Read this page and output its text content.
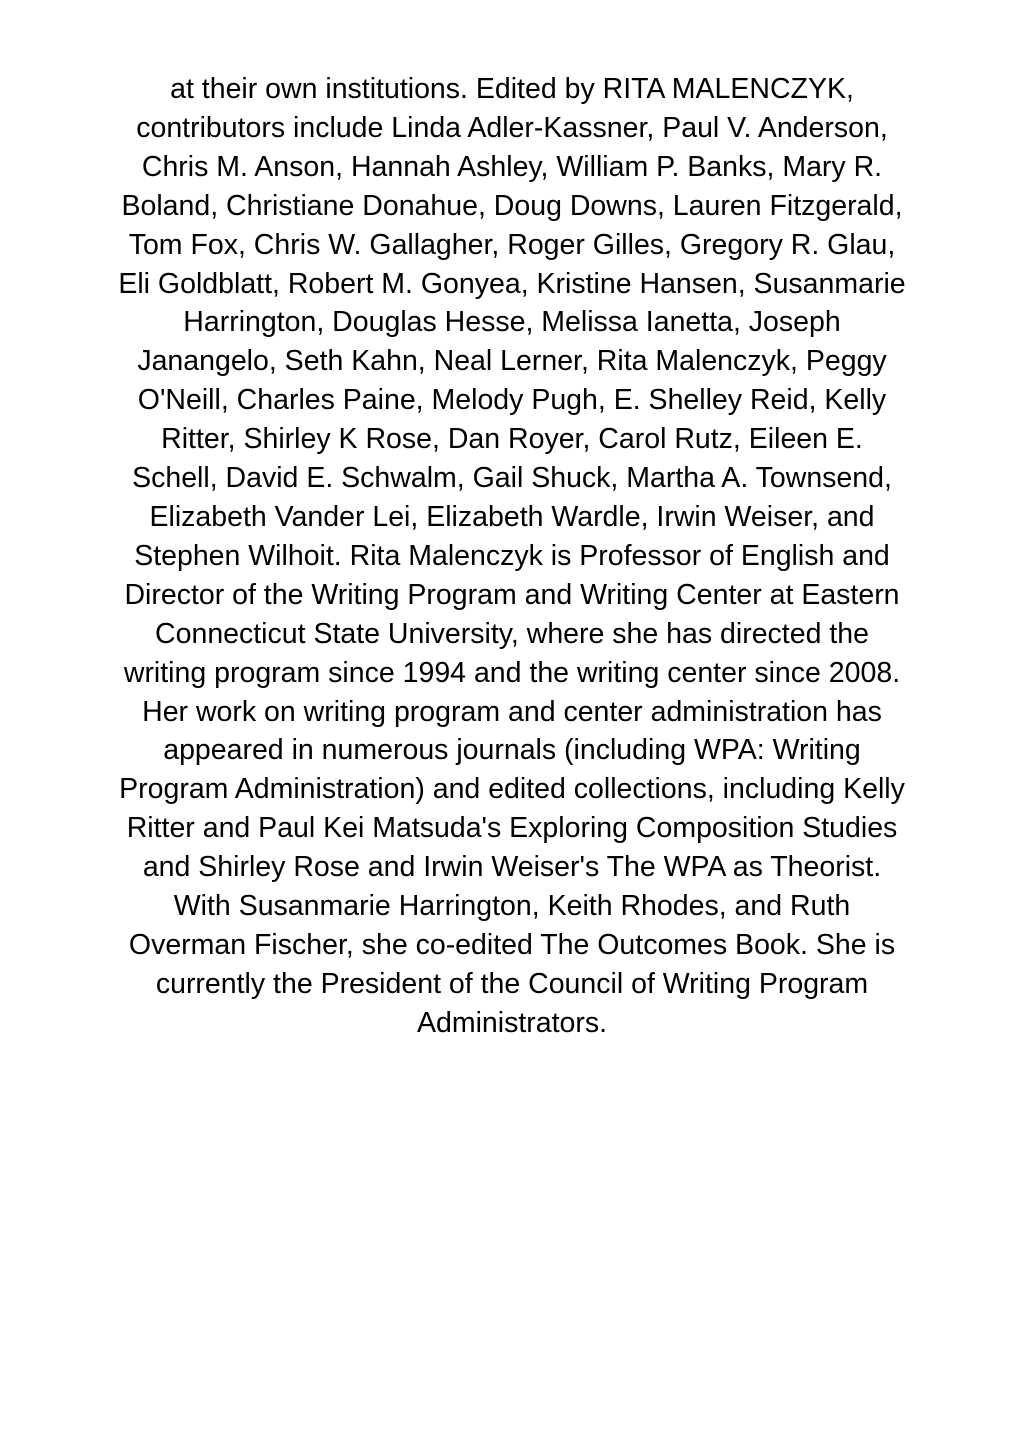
at their own institutions. Edited by RITA MALENCZYK,
contributors include Linda Adler-Kassner, Paul V. Anderson,
Chris M. Anson, Hannah Ashley, William P. Banks, Mary R.
Boland, Christiane Donahue, Doug Downs, Lauren Fitzgerald,
Tom Fox, Chris W. Gallagher, Roger Gilles, Gregory R. Glau,
Eli Goldblatt, Robert M. Gonyea, Kristine Hansen, Susanmarie
Harrington, Douglas Hesse, Melissa Ianetta, Joseph
Janangelo, Seth Kahn, Neal Lerner, Rita Malenczyk, Peggy
O'Neill, Charles Paine, Melody Pugh, E. Shelley Reid, Kelly
Ritter, Shirley K Rose, Dan Royer, Carol Rutz, Eileen E.
Schell, David E. Schwalm, Gail Shuck, Martha A. Townsend,
Elizabeth Vander Lei, Elizabeth Wardle, Irwin Weiser, and
Stephen Wilhoit. Rita Malenczyk is Professor of English and
Director of the Writing Program and Writing Center at Eastern
Connecticut State University, where she has directed the
writing program since 1994 and the writing center since 2008.
Her work on writing program and center administration has
appeared in numerous journals (including WPA: Writing
Program Administration) and edited collections, including Kelly
Ritter and Paul Kei Matsuda's Exploring Composition Studies
and Shirley Rose and Irwin Weiser's The WPA as Theorist.
With Susanmarie Harrington, Keith Rhodes, and Ruth
Overman Fischer, she co-edited The Outcomes Book. She is
currently the President of the Council of Writing Program
Administrators.
